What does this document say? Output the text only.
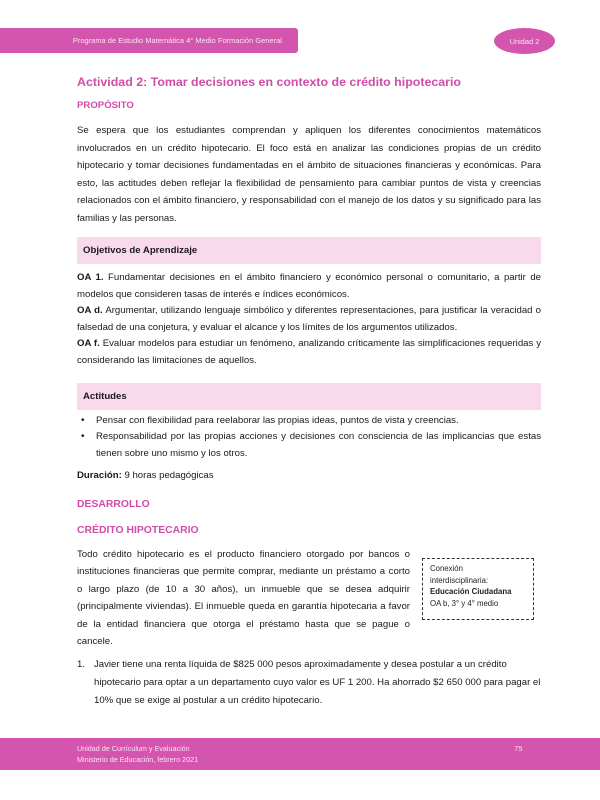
Programa de Estudio Matemática 4° Medio Formación General	Unidad 2
Actividad 2: Tomar decisiones en contexto de crédito hipotecario
PROPÓSITO

Se espera que los estudiantes comprendan y apliquen los diferentes conocimientos matemáticos involucrados en un crédito hipotecario. El foco está en analizar las condiciones propias de un crédito hipotecario y tomar decisiones fundamentadas en el ámbito de situaciones financieras y económicas. Para esto, las actitudes deben reflejar la flexibilidad de pensamiento para cambiar puntos de vista y creencias relacionados con el ámbito financiero, y responsabilidad con el manejo de los datos y su significado para las familias y las personas.

Objetivos de Aprendizaje

OA 1. Fundamentar decisiones en el ámbito financiero y económico personal o comunitario, a partir de modelos que consideren tasas de interés e índices económicos.

OA d. Argumentar, utilizando lenguaje simbólico y diferentes representaciones, para justificar la veracidad o falsedad de una conjetura, y evaluar el alcance y los límites de los argumentos utilizados.

OA f. Evaluar modelos para estudiar un fenómeno, analizando críticamente las simplificaciones requeridas y considerando las limitaciones de aquellos.

Actitudes
• Pensar con flexibilidad para reelaborar las propias ideas, puntos de vista y creencias.
• Responsabilidad por las propias acciones y decisiones con consciencia de las implicancias que estas tienen sobre uno mismo y los otros.

Duración: 9 horas pedagógicas

DESARROLLO
CRÉDITO HIPOTECARIO

Todo crédito hipotecario es el producto financiero otorgado por bancos o instituciones financieras que permite comprar, mediante un préstamo a corto o largo plazo (de 10 a 30 años), un inmueble que se desea adquirir (principalmente viviendas). El inmueble queda en garantía hipotecaria a favor de la entidad financiera que otorga el préstamo hasta que se pague o cancele.

Conexión
interdisciplinaria:
Educación Ciudadana
OA b, 3° y 4° medio
1. Javier tiene una renta líquida de $825 000 pesos aproximadamente y desea postular a un crédito hipotecario para optar a un departamento cuyo valor es UF 1 200. Ha ahorrado $2 650 000 para pagar el 10% que se exige al postular a un crédito hipotecario.

Unidad de Currículum y Evaluación
Ministerio de Educación, febrero 2021
75
